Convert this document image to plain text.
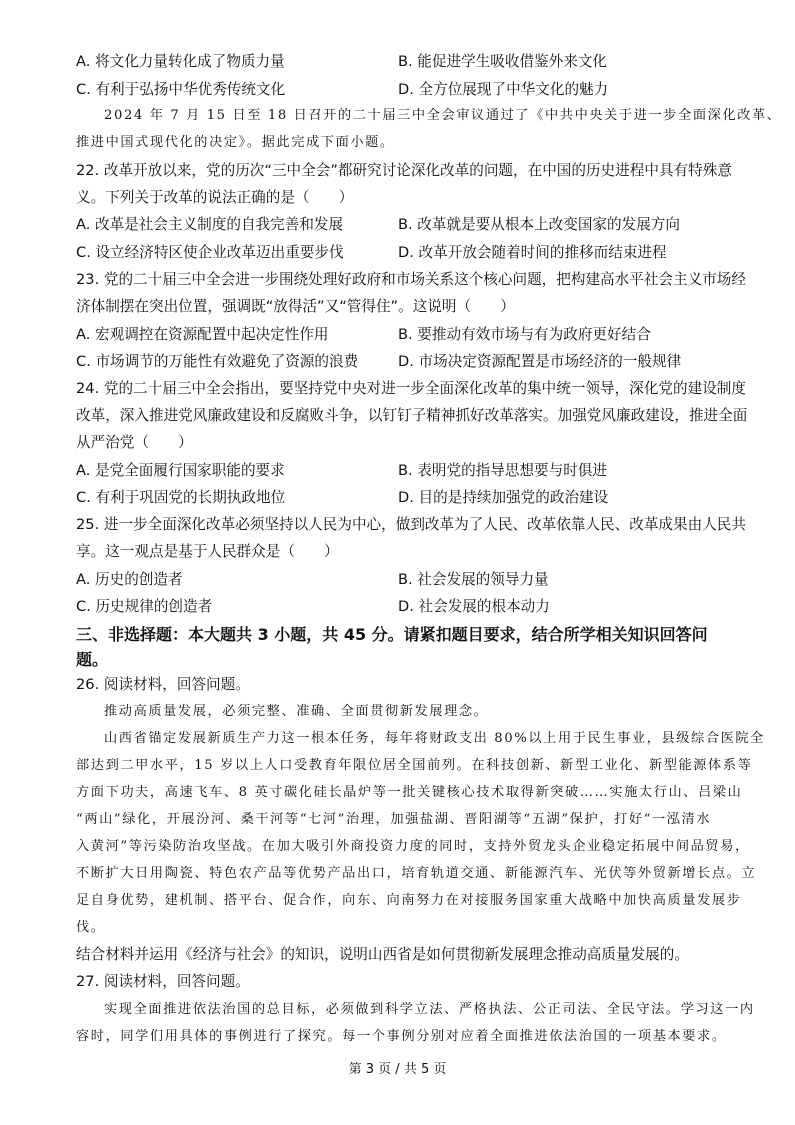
A. 将文化力量转化成了物质力量	B. 能促进学生吸收借鉴外来文化
C. 有利于弘扬中华优秀传统文化	D. 全方位展现了中华文化的魅力
2024 年 7 月 15 日至 18 日召开的二十届三中全会审议通过了《中共中央关于进一步全面深化改革、
推进中国式现代化的决定》。据此完成下面小题。
22. 改革开放以来，党的历次“三中全会”都研究讨论深化改革的问题，在中国的历史进程中具有特殊意
义。下列关于改革的说法正确的是（　　）
A. 改革是社会主义制度的自我完善和发展	B. 改革就是要从根本上改变国家的发展方向
C. 设立经济特区使企业改革迈出重要步伐	D. 改革开放会随着时间的推移而结束进程
23. 党的二十届三中全会进一步围绕处理好政府和市场关系这个核心问题，把构建高水平社会主义市场经
济体制摆在突出位置，强调既“放得活”又“管得住”。这说明（　　）
A. 宏观调控在资源配置中起决定性作用	B. 要推动有效市场与有为政府更好结合
C. 市场调节的万能性有效避免了资源的浪费	D. 市场决定资源配置是市场经济的一般规律
24. 党的二十届三中全会指出，要坚持党中央对进一步全面深化改革的集中统一领导，深化党的建设制度
改革，深入推进党风廉政建设和反腐败斗争，以钉钉子精神抓好改革落实。加强党风廉政建设，推进全面
从严治党（　　）
A. 是党全面履行国家职能的要求	B. 表明党的指导思想要与时俱进
C. 有利于巩固党的长期执政地位	D. 目的是持续加强党的政治建设
25. 进一步全面深化改革必须坚持以人民为中心，做到改革为了人民、改革依靠人民、改革成果由人民共
享。这一观点是基于人民群众是（　　）
A. 历史的创造者	B. 社会发展的领导力量
C. 历史规律的创造者	D. 社会发展的根本动力
三、非选择题：本大题共 3 小题，共 45 分。请紧扣题目要求，结合所学相关知识回答问
题。
26. 阅读材料，回答问题。
推动高质量发展，必须完整、准确、全面贯彻新发展理念。
山西省锚定发展新质生产力这一根本任务，每年将财政支出 80%以上用于民生事业，县级综合医院全
部达到二甲水平，15 岁以上人口受教育年限位居全国前列。在科技创新、新型工业化、新型能源体系等
方面下功夫，高速飞车、8 英寸碳化硅长晶炉等一批关键核心技术取得新突破……实施太行山、吕梁山
“两山”绿化，开展汾河、桑干河等“七河”治理，加强盐湖、晋阳湖等“五湖”保护，打好“一泓清水
入黄河”等污染防治攻坚战。在加大吸引外商投资力度的同时，支持外贸龙头企业稳定拓展中间品贸易，
不断扩大日用陶瓷、特色农产品等优势产品出口，培育轨道交通、新能源汽车、光伏等外贸新增长点。立
足自身优势，建机制、搭平台、促合作，向东、向南努力在对接服务国家重大战略中加快高质量发展步
伐。
结合材料并运用《经济与社会》的知识，说明山西省是如何贯彻新发展理念推动高质量发展的。
27. 阅读材料，回答问题。
实现全面推进依法治国的总目标，必须做到科学立法、严格执法、公正司法、全民守法。学习这一内
容时，同学们用具体的事例进行了探究。每一个事例分别对应着全面推进依法治国的一项基本要求。
第 3 页 / 共 5 页
